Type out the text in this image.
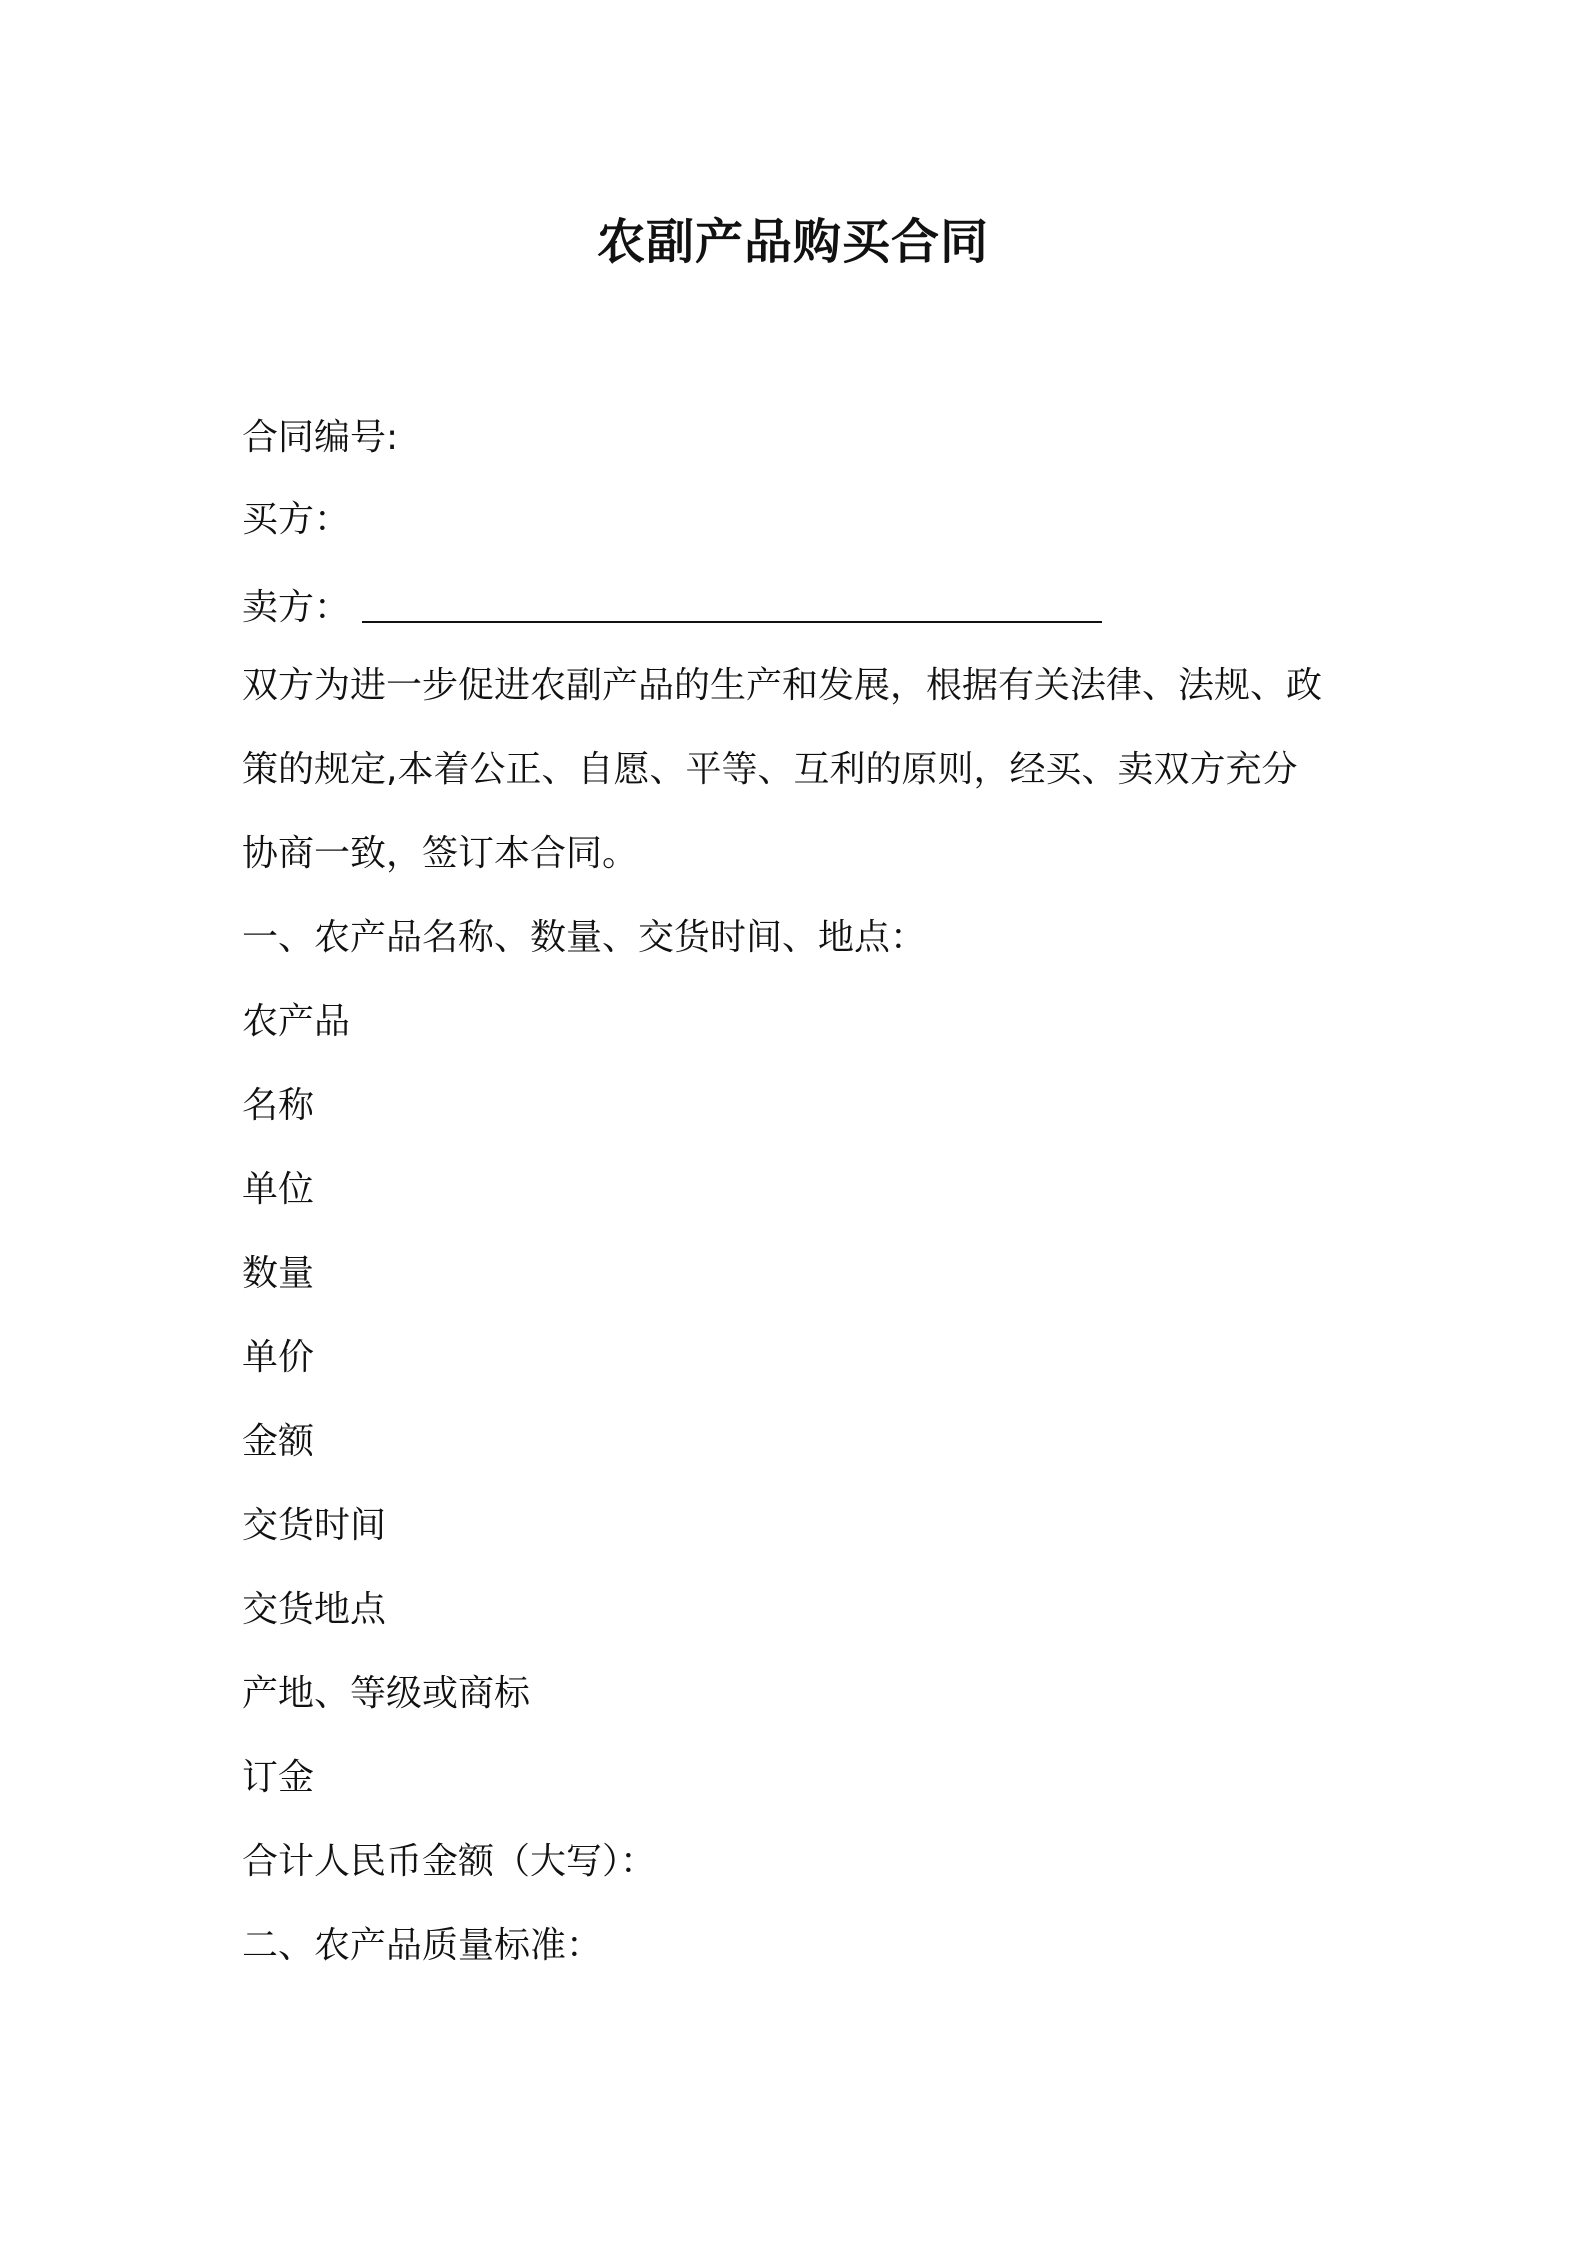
农副产品购买合同
合同编号:
买方：
卖方：
双方为进一步促进农副产品的生产和发展，根据有关法律、法规、政
策的规定,本着公正、自愿、平等、互利的原则，经买、卖双方充分
协商一致，签订本合同。
一、农产品名称、数量、交货时间、地点：
农产品
名称
单位
数量
单价
金额
交货时间
交货地点
产地、等级或商标
订金
合计人民币金额（大写）：
二、农产品质量标准：
